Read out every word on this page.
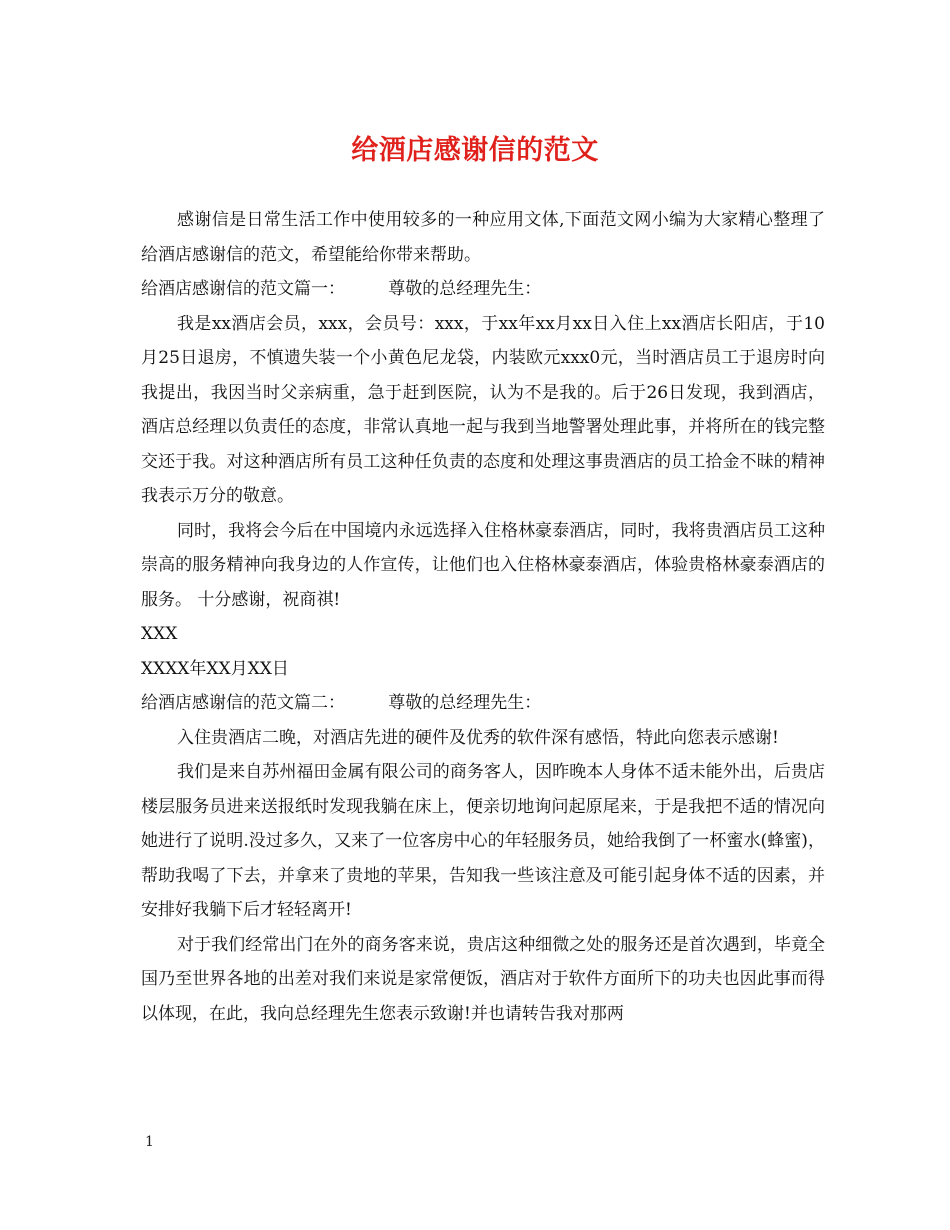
给酒店感谢信的范文

感谢信是日常生活工作中使用较多的一种应用文体,下面范文网小编为大家精心整理了给酒店感谢信的范文，希望能给你带来帮助。

给酒店感谢信的范文篇一：	尊敬的总经理先生：

我是xx酒店会员，xxx，会员号：xxx，于xx年xx月xx日入住上xx酒店长阳店，于10月25日退房，不慎遗失装一个小黄色尼龙袋，内装欧元xxx0元，当时酒店员工于退房时向我提出，我因当时父亲病重，急于赶到医院，认为不是我的。后于26日发现，我到酒店，酒店总经理以负责任的态度，非常认真地一起与我到当地警署处理此事，并将所在的钱完整交还于我。对这种酒店所有员工这种任负责的态度和处理这事贵酒店的员工拾金不昧的精神我表示万分的敬意。

同时，我将会今后在中国境内永远选择入住格林豪泰酒店，同时，我将贵酒店员工这种崇高的服务精神向我身边的人作宣传，让他们也入住格林豪泰酒店，体验贵格林豪泰酒店的服务。 十分感谢，祝商祺!

XXX

XXXX年XX月XX日

给酒店感谢信的范文篇二：	尊敬的总经理先生：

入住贵酒店二晚，对酒店先进的硬件及优秀的软件深有感悟，特此向您表示感谢!

我们是来自苏州福田金属有限公司的商务客人，因昨晚本人身体不适未能外出，后贵店楼层服务员进来送报纸时发现我躺在床上，便亲切地询问起原尾来，于是我把不适的情况向她进行了说明.没过多久，又来了一位客房中心的年轻服务员，她给我倒了一杯蜜水(蜂蜜)，帮助我喝了下去，并拿来了贵地的苹果，告知我一些该注意及可能引起身体不适的因素，并安排好我躺下后才轻轻离开!

对于我们经常出门在外的商务客来说，贵店这种细微之处的服务还是首次遇到，毕竟全国乃至世界各地的出差对我们来说是家常便饭，酒店对于软件方面所下的功夫也因此事而得以体现，在此，我向总经理先生您表示致谢!并也请转告我对那两

1
